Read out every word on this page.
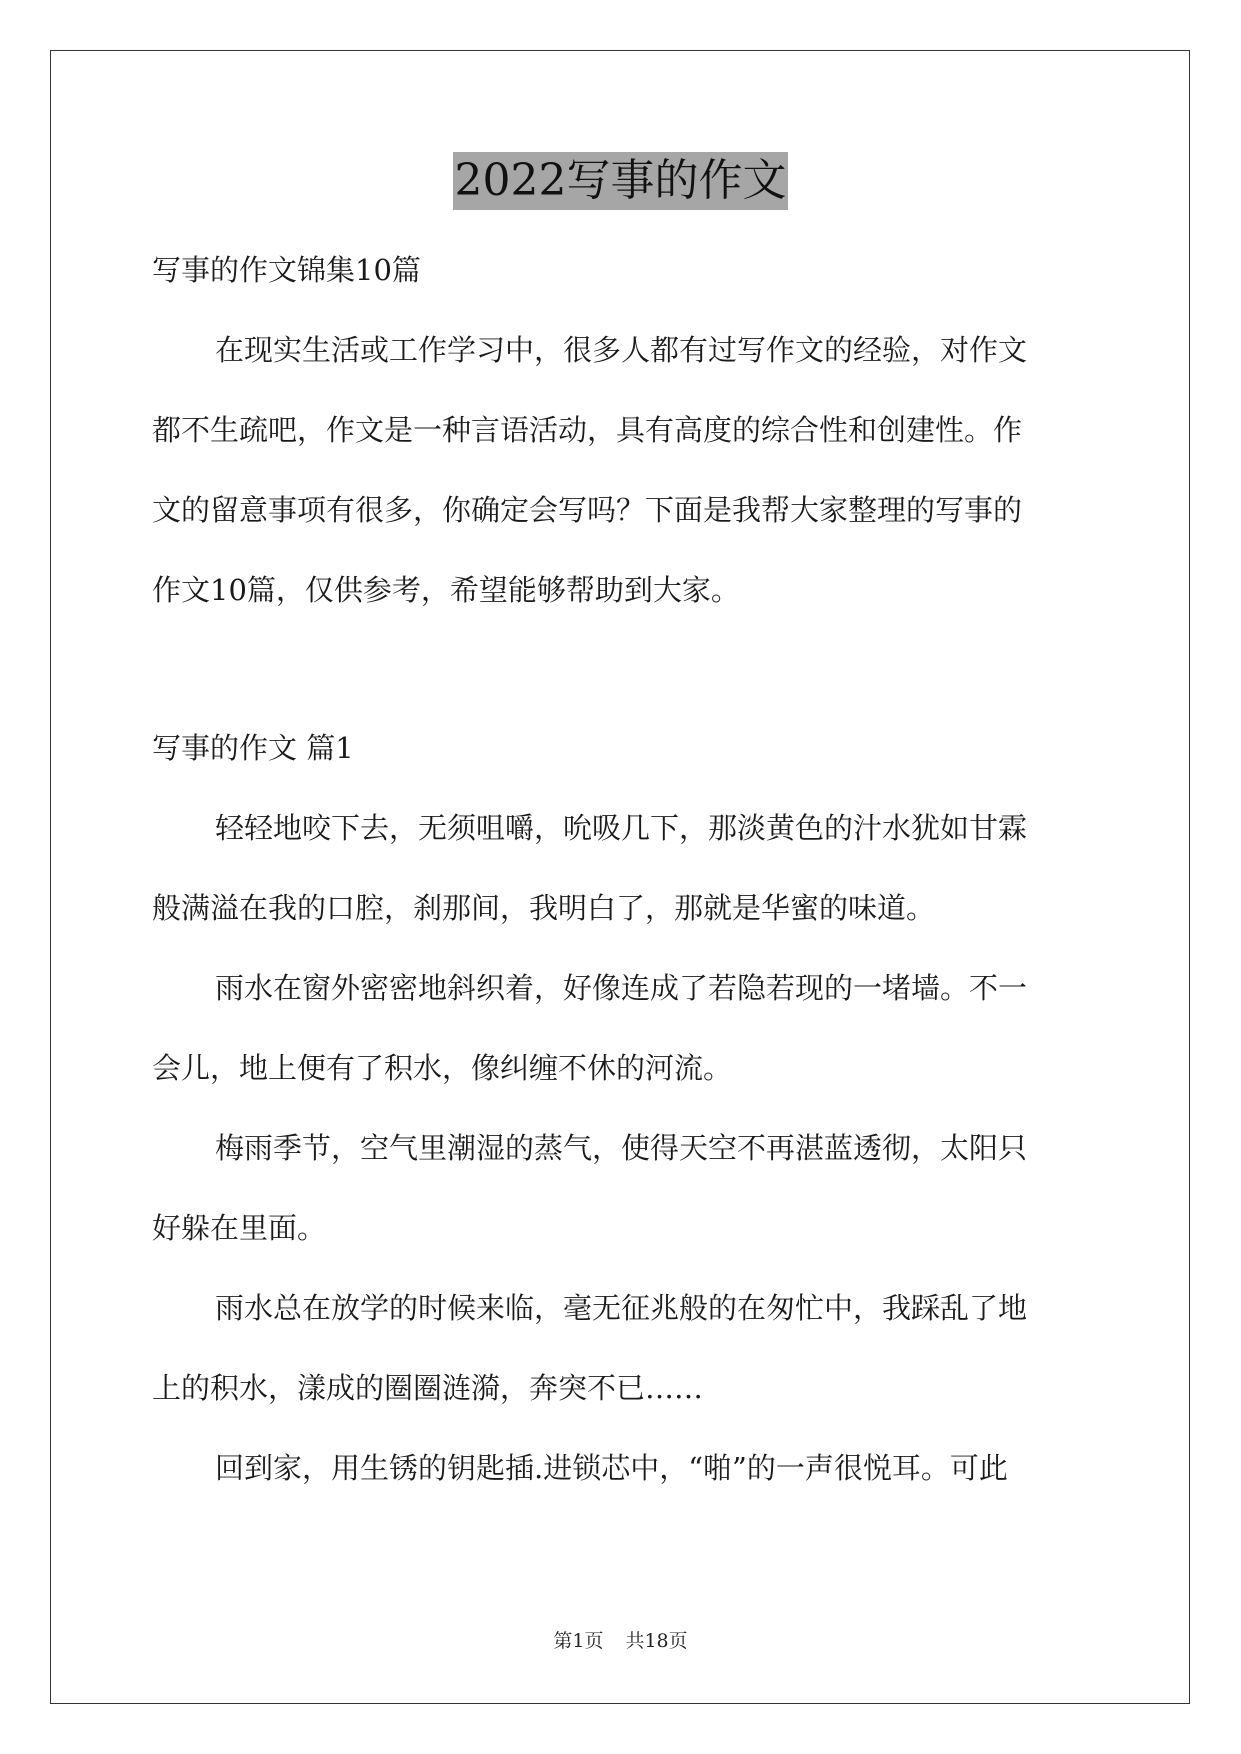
2022写事的作文
写事的作文锦集10篇
在现实生活或工作学习中，很多人都有过写作文的经验，对作文
都不生疏吧，作文是一种言语活动，具有高度的综合性和创建性。作
文的留意事项有很多，你确定会写吗？下面是我帮大家整理的写事的
作文10篇，仅供参考，希望能够帮助到大家。
写事的作文 篇1
轻轻地咬下去，无须咀嚼，吮吸几下，那淡黄色的汁水犹如甘霖
般满溢在我的口腔，刹那间，我明白了，那就是华蜜的味道。
雨水在窗外密密地斜织着，好像连成了若隐若现的一堵墙。不一
会儿，地上便有了积水，像纠缠不休的河流。
梅雨季节，空气里潮湿的蒸气，使得天空不再湛蓝透彻，太阳只
好躲在里面。
雨水总在放学的时候来临，毫无征兆般的在匆忙中，我踩乱了地
上的积水，漾成的圈圈涟漪，奔突不已……
回到家，用生锈的钥匙插.进锁芯中，“啪”的一声很悦耳。可此
第1页 共18页
